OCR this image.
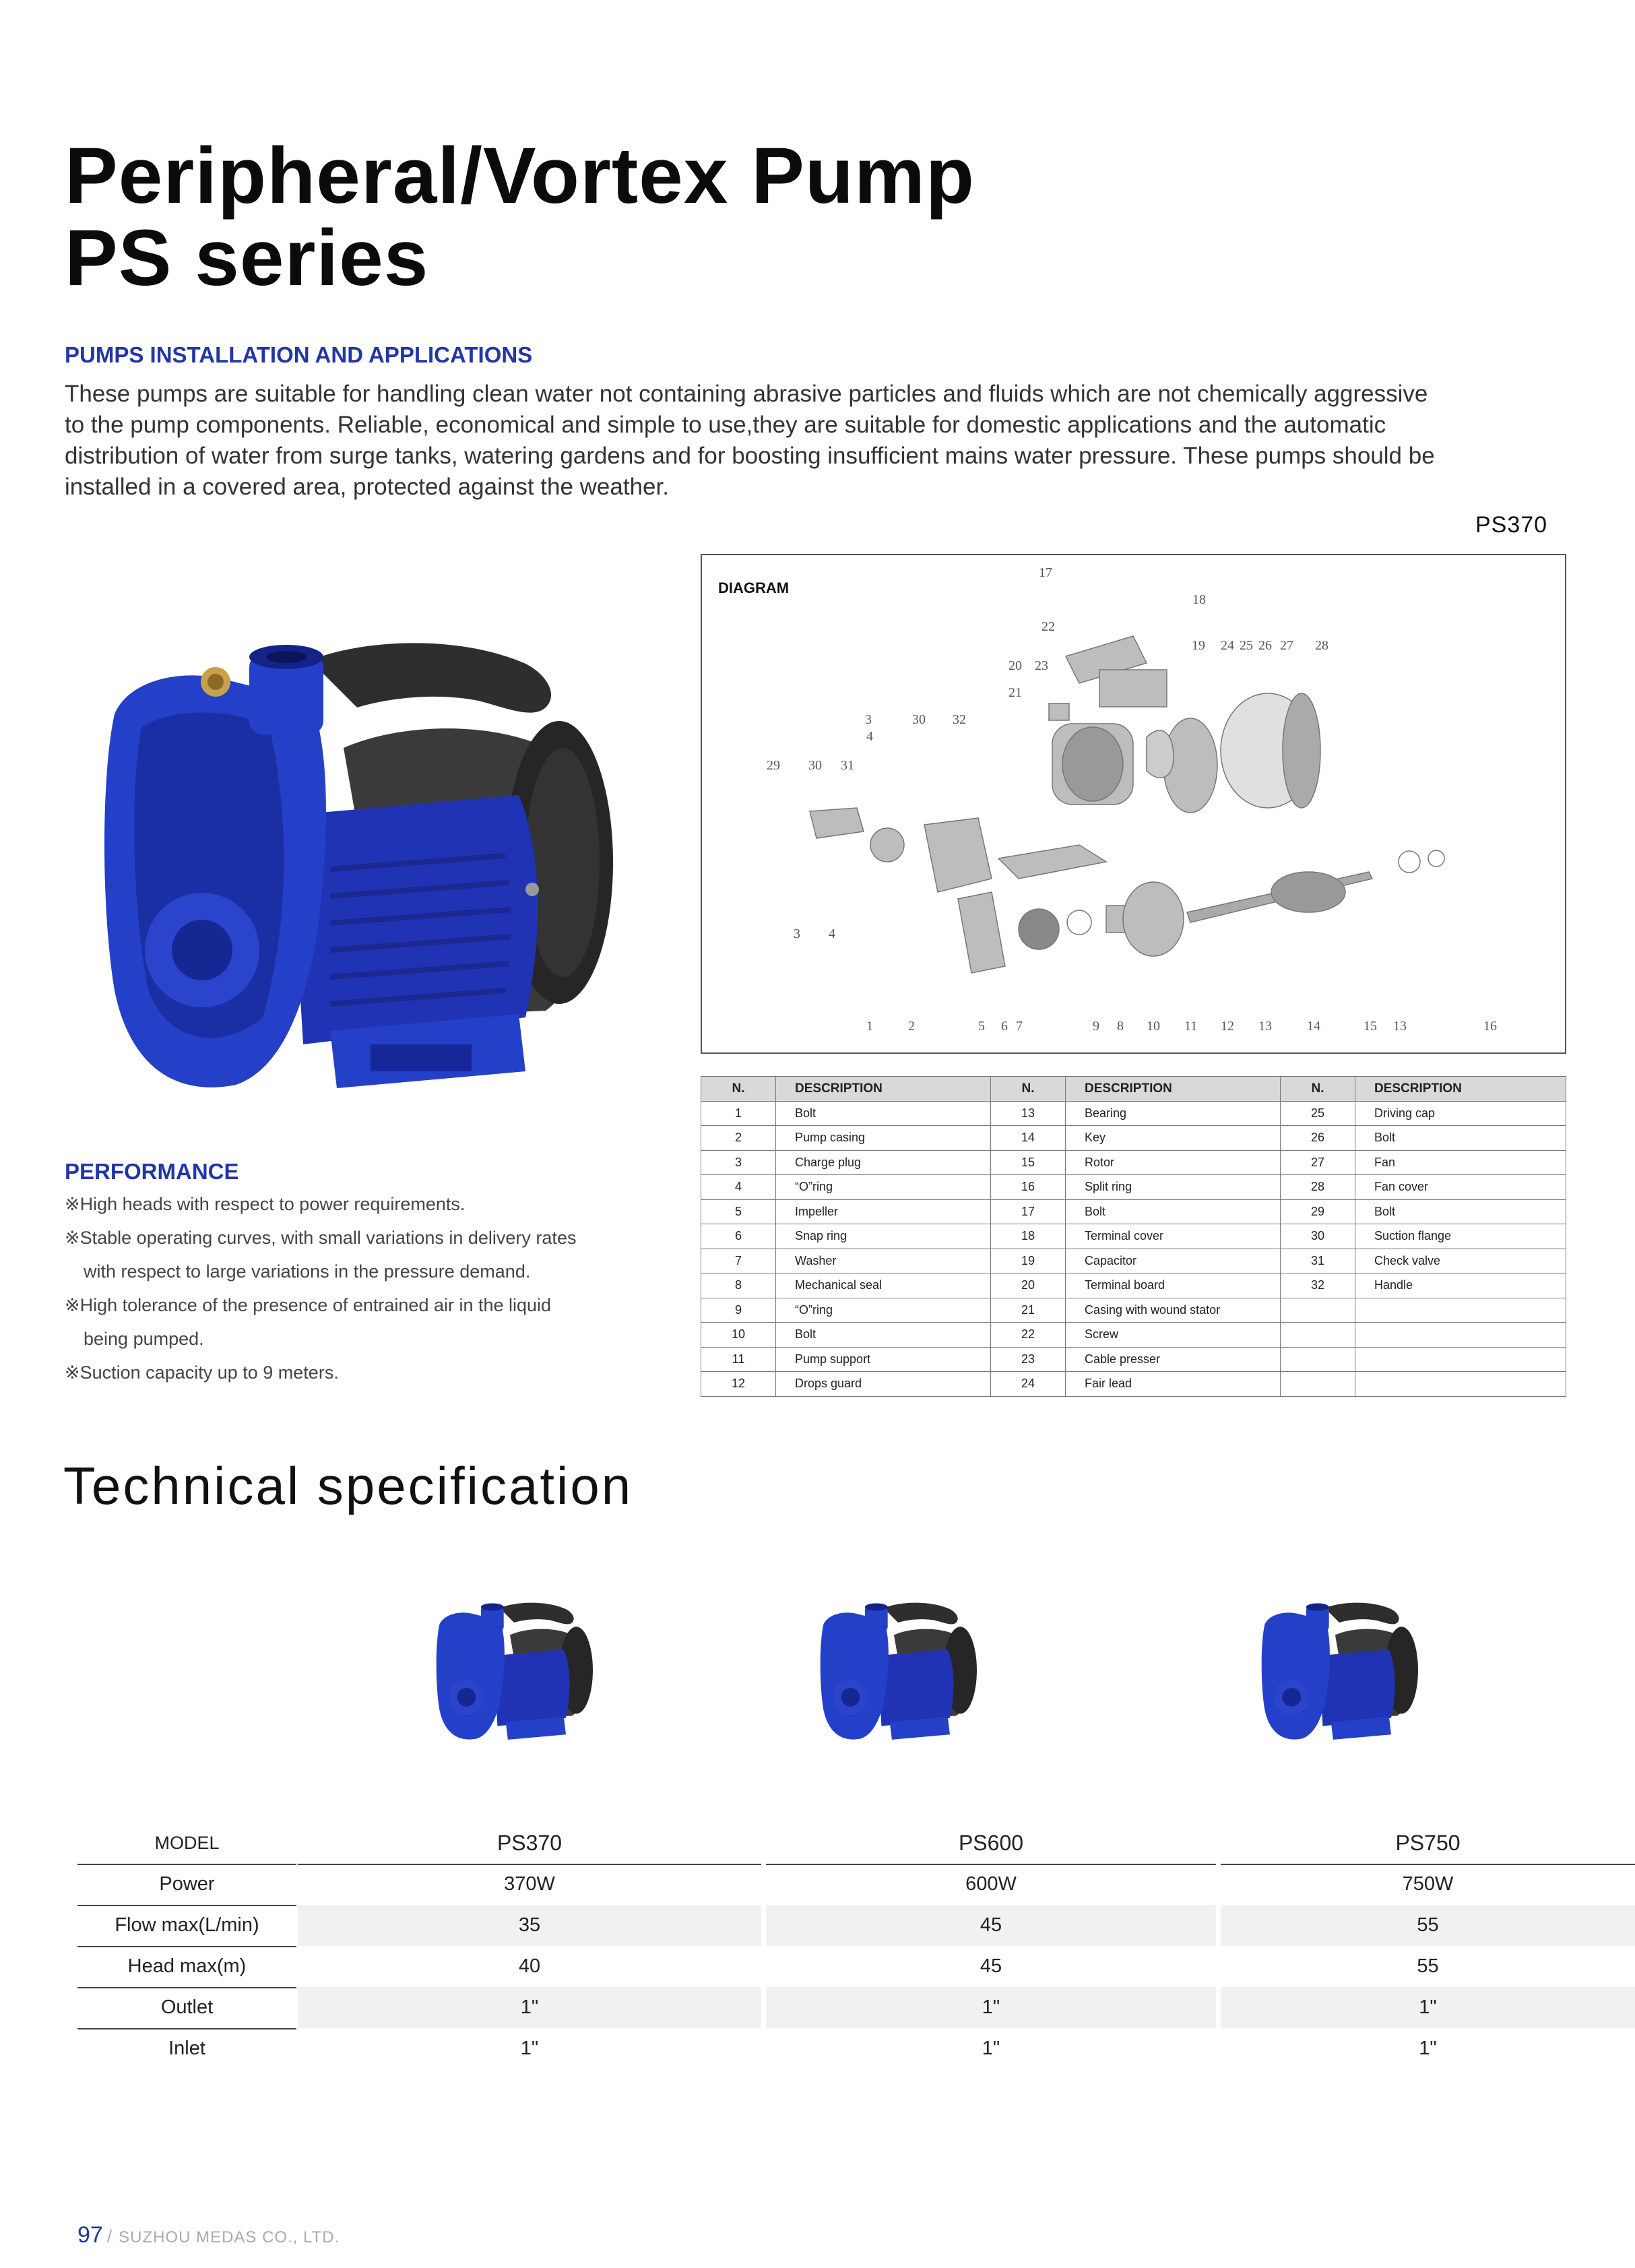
Peripheral/Vortex Pump
PS series
PUMPS INSTALLATION AND APPLICATIONS
These pumps are suitable for handling clean water not containing abrasive particles and fluids which are not chemically aggressive
to the pump components. Reliable, economical and simple to use,they are suitable for domestic applications and the automatic
distribution of water from surge tanks, watering gardens and for boosting insufficient mains water pressure. These pumps should be
installed in a covered area, protected against the weather.
PS370
DIAGRAM
17
18
22
19 24 25 26 27 28
20 23
21
3	30 32
4
29 30 31
3 4
1	2	5 6 7	9 8 10 11 12 13	14	15 13	16
N.	DESCRIPTION	N.	DESCRIPTION	N.	DESCRIPTION
1	Bolt	13	Bearing	25	Driving cap
2	Pump casing	14	Key	26	Bolt
3	Charge plug	15	Rotor	27	Fan
4	“O”ring	16	Split ring	28	Fan cover
5	Impeller	17	Bolt	29	Bolt
6	Snap ring	18	Terminal cover	30	Suction flange
7	Washer	19	Capacitor	31	Check valve
8	Mechanical seal	20	Terminal board	32	Handle
9	“O”ring	21	Casing with wound stator		
10	Bolt	22	Screw		
11	Pump support	23	Cable presser		
12	Drops guard	24	Fair lead		
PERFORMANCE
※High heads with respect to power requirements.
※Stable operating curves, with small variations in delivery rates
with respect to large variations in the pressure demand.
※High tolerance of the presence of entrained air in the liquid
being pumped.
※Suction capacity up to 9 meters.
Technical specification
MODEL	PS370	PS600	PS750
Power	370W	600W	750W
Flow max(L/min)	35	45	55
Head max(m)	40	45	55
Outlet	1"	1"	1"
Inlet	1"	1"	1"
97 / SUZHOU MEDAS CO., LTD.
